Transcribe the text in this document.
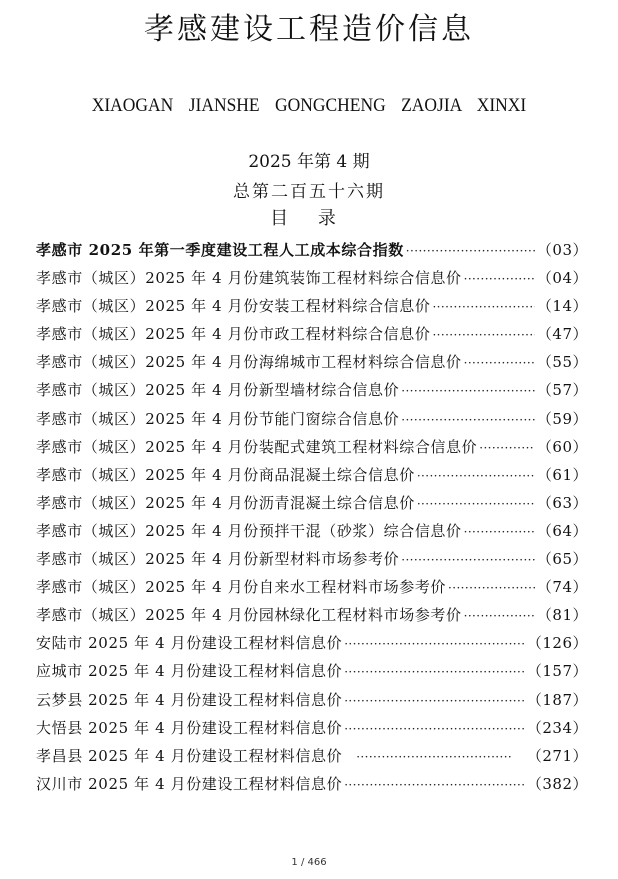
孝感建设工程造价信息
XIAOGAN JIANSHE GONGCHENG ZAOJIA XINXI
2025 年第 4 期
总第二百五十六期
目 录
孝感市 2025 年第一季度建设工程人工成本综合指数 ·····	（03）
孝感市（城区）2025 年 4 月份建筑装饰工程材料综合信息价 ·····	（04）
孝感市（城区）2025 年 4 月份安装工程材料综合信息价 ·····	（14）
孝感市（城区）2025 年 4 月份市政工程材料综合信息价 ·····	（47）
孝感市（城区）2025 年 4 月份海绵城市工程材料综合信息价 ·····	（55）
孝感市（城区）2025 年 4 月份新型墙材综合信息价 ·····	（57）
孝感市（城区）2025 年 4 月份节能门窗综合信息价 ·····	（59）
孝感市（城区）2025 年 4 月份装配式建筑工程材料综合信息价 ·····	（60）
孝感市（城区）2025 年 4 月份商品混凝土综合信息价 ·····	（61）
孝感市（城区）2025 年 4 月份沥青混凝土综合信息价 ·····	（63）
孝感市（城区）2025 年 4 月份预拌干混（砂浆）综合信息价 ·····	（64）
孝感市（城区）2025 年 4 月份新型材料市场参考价 ·····	（65）
孝感市（城区）2025 年 4 月份自来水工程材料市场参考价 ·····	（74）
孝感市（城区）2025 年 4 月份园林绿化工程材料市场参考价 ·····	（81）
安陆市 2025 年 4 月份建设工程材料信息价 ·····	（126）
应城市 2025 年 4 月份建设工程材料信息价 ·····	（157）
云梦县 2025 年 4 月份建设工程材料信息价 ·····	（187）
大悟县 2025 年 4 月份建设工程材料信息价 ·····	（234）
孝昌县 2025 年 4 月份建设工程材料信息价 ·····	（271）
汉川市 2025 年 4 月份建设工程材料信息价 ·····	（382）
1 / 466
